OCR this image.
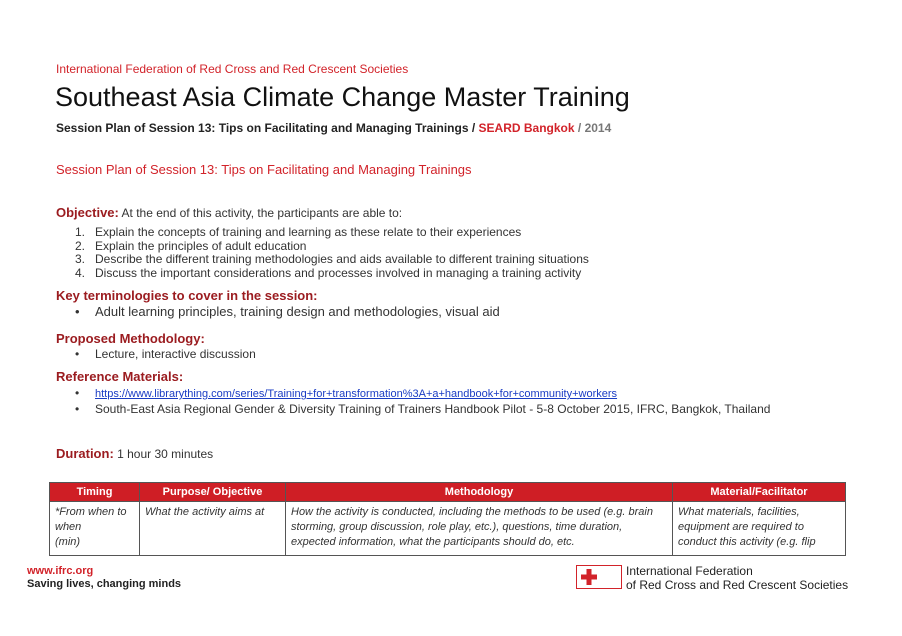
International Federation of Red Cross and Red Crescent Societies
Southeast Asia Climate Change Master Training
Session Plan of Session 13: Tips on Facilitating and Managing Trainings / SEARD Bangkok / 2014
Session Plan of Session 13: Tips on Facilitating and Managing Trainings
Objective: At the end of this activity, the participants are able to:
1. Explain the concepts of training and learning as these relate to their experiences
2. Explain the principles of adult education
3. Describe the different training methodologies and aids available to different training situations
4. Discuss the important considerations and processes involved in managing a training activity
Key terminologies to cover in the session:
• Adult learning principles, training design and methodologies, visual aid
Proposed Methodology:
• Lecture, interactive discussion
Reference Materials:
• https://www.librarything.com/series/Training+for+transformation%3A+a+handbook+for+community+workers
• South-East Asia Regional Gender & Diversity Training of Trainers Handbook Pilot - 5-8 October 2015, IFRC, Bangkok, Thailand
Duration: 1 hour 30 minutes
Timing	Purpose/ Objective	Methodology	Material/Facilitator
*From when to when
(min)	What the activity aims at	How the activity is conducted, including the methods to be used (e.g. brain storming, group discussion, role play, etc.), questions, time duration, expected information, what the participants should do, etc.	What materials, facilities, equipment are required to conduct this activity (e.g. flip
www.ifrc.org
Saving lives, changing minds
International Federation
of Red Cross and Red Crescent Societies
